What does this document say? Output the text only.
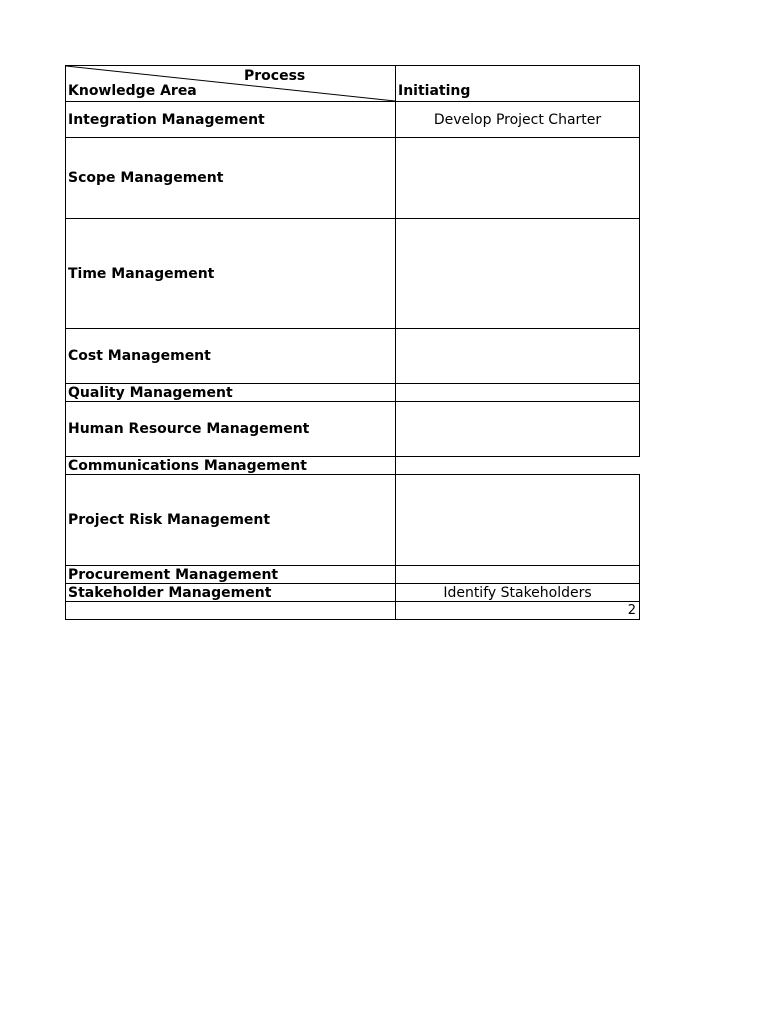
Process
Knowledge Area	Initiating
Integration Management	Develop Project Charter
Scope Management
Time Management
Cost Management
Quality Management
Human Resource Management
Communications Management
Project Risk Management
Procurement Management
Stakeholder Management	Identify Stakeholders
2
